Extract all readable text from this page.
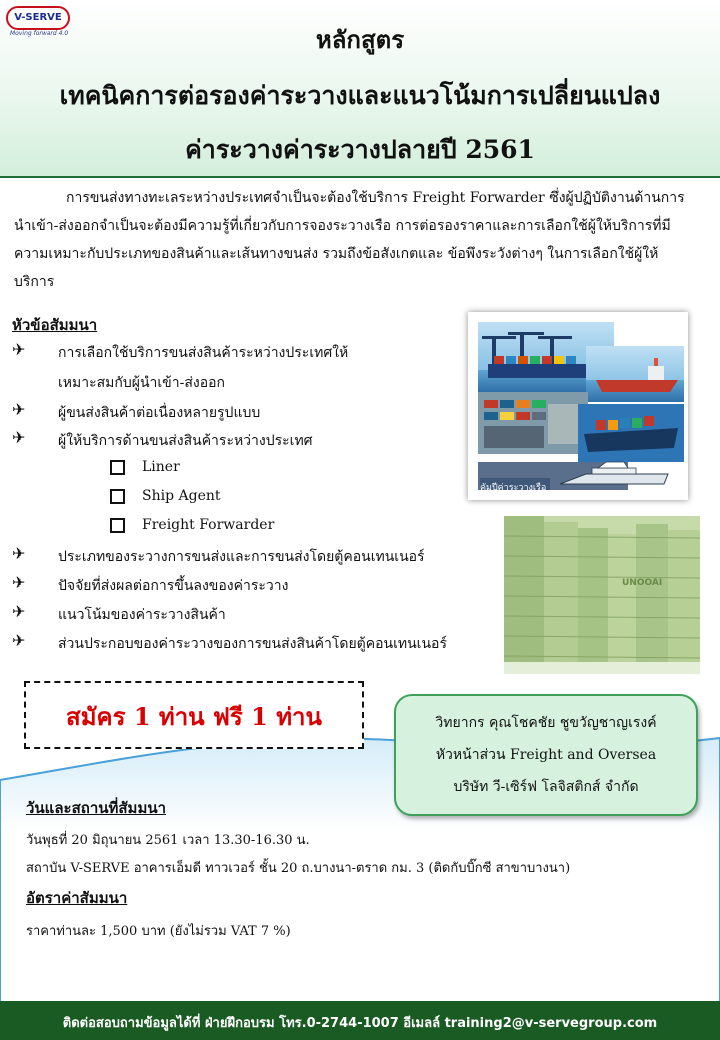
V-SERVE
Moving forward 4.0	หลักสูตร
เทคนิคการต่อรองค่าระวางและแนวโน้มการเปลี่ยนแปลง
ค่าระวางค่าระวางปลายปี 2561
การขนส่งทางทะเลระหว่างประเทศจำเป็นจะต้องใช้บริการ Freight Forwarder ซึ่งผู้ปฏิบัติงานด้านการ
นำเข้า-ส่งออกจำเป็นจะต้องมีความรู้ที่เกี่ยวกับการจองระวางเรือ การต่อรองราคาและการเลือกใช้ผู้ให้บริการที่มี
ความเหมาะกับประเภทของสินค้าและเส้นทางขนส่ง รวมถึงข้อสังเกตและ ข้อพึงระวังต่างๆ ในการเลือกใช้ผู้ให้
บริการ
หัวข้อสัมมนา
✈ การเลือกใช้บริการขนส่งสินค้าระหว่างประเทศให้
เหมาะสมกับผู้นำเข้า-ส่งออก
✈ ผู้ขนส่งสินค้าต่อเนื่องหลายรูปแบบ
✈ ผู้ให้บริการด้านขนส่งสินค้าระหว่างประเทศ
Liner
Ship Agent
Freight Forwarder
✈ ประเภทของระวางการขนส่งและการขนส่งโดยตู้คอนเทนเนอร์
✈ ปัจจัยที่ส่งผลต่อการขึ้นลงของค่าระวาง
✈ แนวโน้มของค่าระวางสินค้า
✈ ส่วนประกอบของค่าระวางของการขนส่งสินค้าโดยตู้คอนเทนเนอร์
คัมปีค่าระวางเรือ
UNOOAI
สมัคร 1 ท่าน ฟรี 1 ท่าน	วิทยากร คุณโชคชัย ชูขวัญชาญเรงค์
หัวหน้าส่วน Freight and Oversea
บริษัท วี-เซิร์ฟ โลจิสติกส์ จำกัด
วันและสถานที่สัมมนา
วันพุธที่ 20 มิถุนายน 2561 เวลา 13.30-16.30 น.
สถาบัน V-SERVE อาคารเอ็มดี ทาวเวอร์ ชั้น 20 ถ.บางนา-ตราด กม. 3 (ติดกับบิ๊กซี สาขาบางนา)
อัตราค่าสัมมนา
ราคาท่านละ 1,500 บาท (ยังไม่รวม VAT 7 %)
ติดต่อสอบถามข้อมูลได้ที่ ฝ่ายฝึกอบรม โทร.0-2744-1007 อีเมลล์ training2@v-servegroup.com
